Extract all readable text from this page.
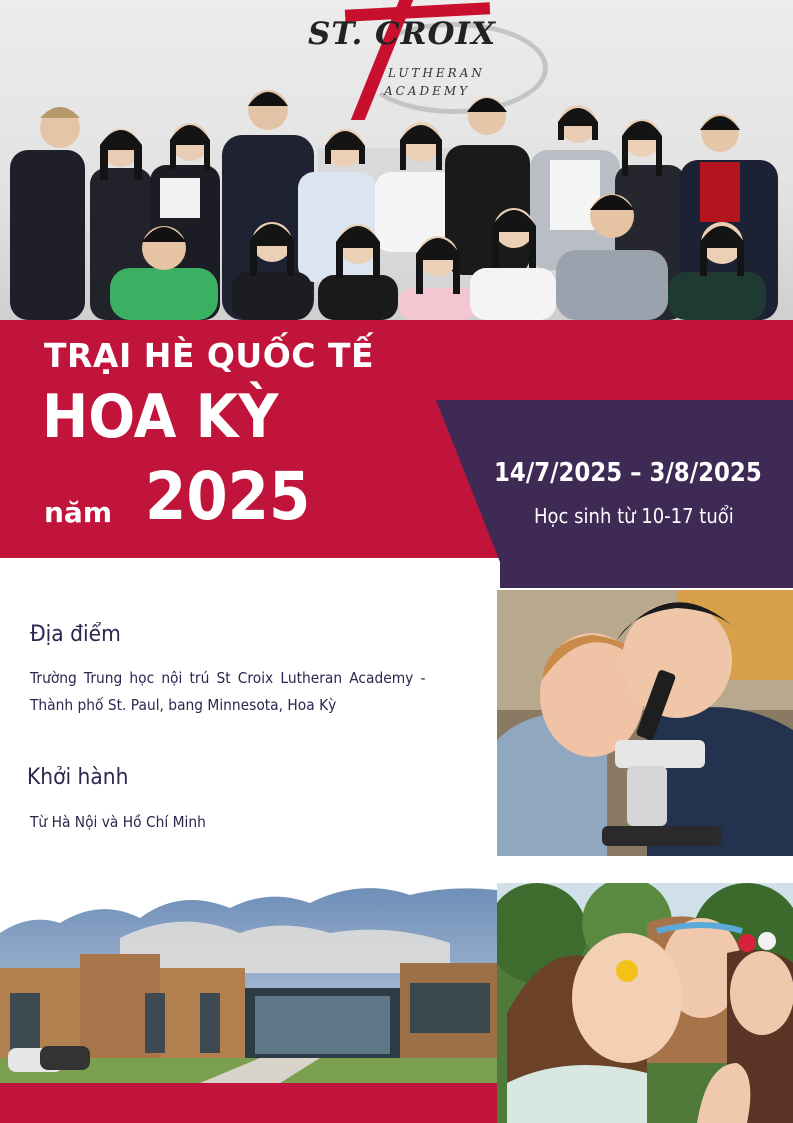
ST. CROIX
LUTHERAN
ACADEMY
TRẠI HÈ QUỐC TẾ
HOA KỲ
năm 2025	14/7/2025 – 3/8/2025
Học sinh từ 10-17 tuổi
Địa điểm
Trường Trung học nội trú St Croix Lutheran Academy -
Thành phố St. Paul, bang Minnesota, Hoa Kỳ
Khởi hành
Từ Hà Nội và Hồ Chí Minh
